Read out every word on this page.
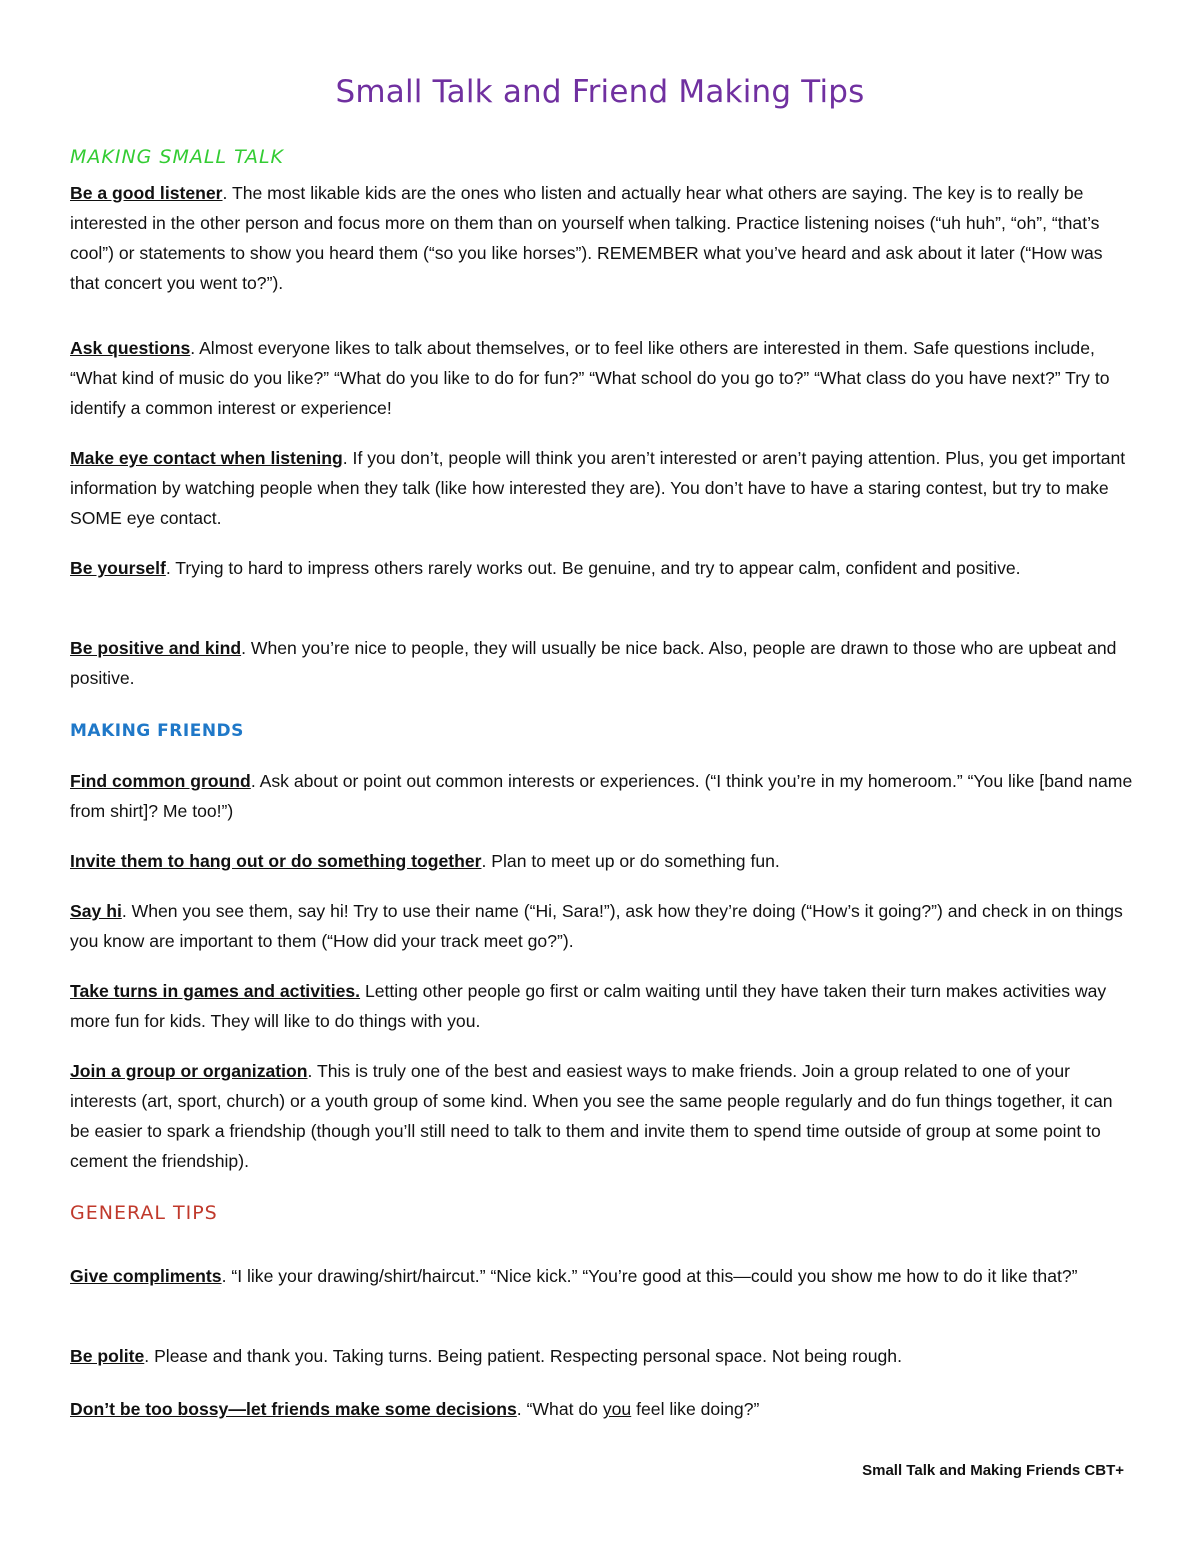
Small Talk and Friend Making Tips
MAKING SMALL TALK

Be a good listener. The most likable kids are the ones who listen and actually hear what others are saying. The key is to really be interested in the other person and focus more on them than on yourself when talking. Practice listening noises (“uh huh”, “oh”, “that’s cool”) or statements to show you heard them (“so you like horses”). REMEMBER what you’ve heard and ask about it later (“How was that concert you went to?”).

Ask questions. Almost everyone likes to talk about themselves, or to feel like others are interested in them. Safe questions include, “What kind of music do you like?” “What do you like to do for fun?” “What school do you go to?” “What class do you have next?” Try to identify a common interest or experience!

Make eye contact when listening. If you don’t, people will think you aren’t interested or aren’t paying attention. Plus, you get important information by watching people when they talk (like how interested they are). You don’t have to have a staring contest, but try to make SOME eye contact.

Be yourself. Trying to hard to impress others rarely works out. Be genuine, and try to appear calm, confident and positive.

Be positive and kind. When you’re nice to people, they will usually be nice back. Also, people are drawn to those who are upbeat and positive.

MAKING FRIENDS

Find common ground. Ask about or point out common interests or experiences. (“I think you’re in my homeroom.” “You like [band name from shirt]? Me too!”)

Invite them to hang out or do something together. Plan to meet up or do something fun.

Say hi. When you see them, say hi! Try to use their name (“Hi, Sara!”), ask how they’re doing (“How’s it going?”) and check in on things you know are important to them (“How did your track meet go?”).

Take turns in games and activities. Letting other people go first or calm waiting until they have taken their turn makes activities way more fun for kids. They will like to do things with you.

Join a group or organization. This is truly one of the best and easiest ways to make friends. Join a group related to one of your interests (art, sport, church) or a youth group of some kind. When you see the same people regularly and do fun things together, it can be easier to spark a friendship (though you’ll still need to talk to them and invite them to spend time outside of group at some point to cement the friendship).

GENERAL TIPS

Give compliments. “I like your drawing/shirt/haircut.” “Nice kick.” “You’re good at this—could you show me how to do it like that?”

Be polite. Please and thank you. Taking turns. Being patient. Respecting personal space. Not being rough.

Don’t be too bossy—let friends make some decisions. “What do you feel like doing?”

Small Talk and Making Friends CBT+
